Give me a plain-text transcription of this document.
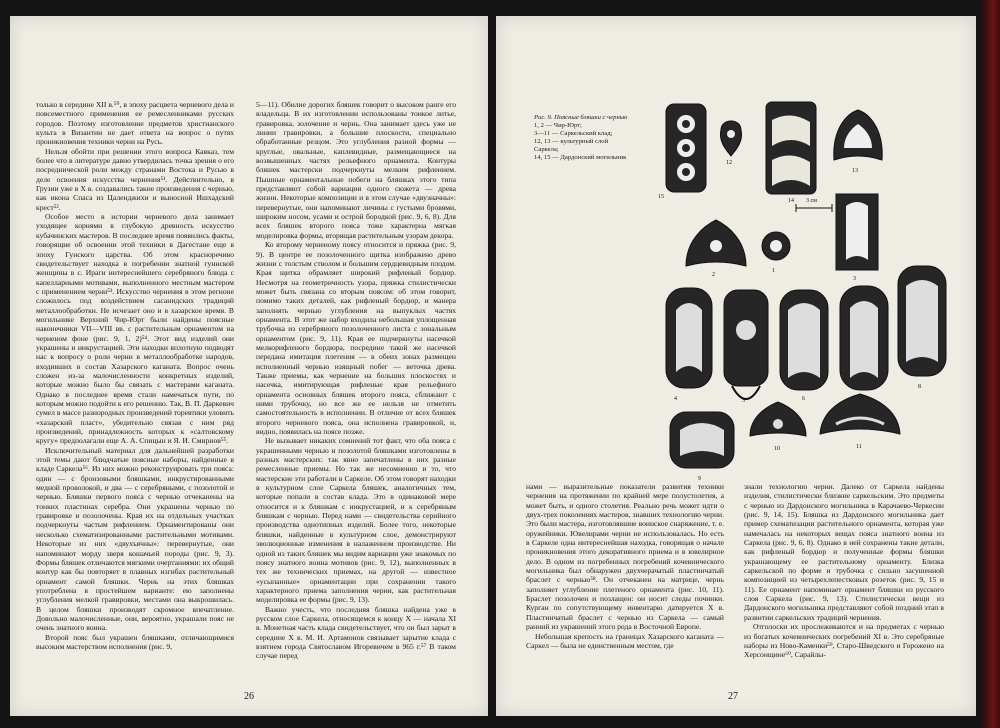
только в середине XII в.⁵⁰, в эпоху расцвета черневого дела и повсеместного применения ее ремесленниками русских городов. Поэтому изготовление предметов христианского культа в Византии не дает ответа на вопрос о путях проникновения техники черни на Русь.

Нельзя обойти при решении этого вопроса Кавказ, тем более что в литературе давно утвердилась точка зрения о его посреднической роли между странами Востока и Русью в деле освоения искусства чернения⁵¹. Действительно, в Грузии уже в X в. создавались такие произведения с чернью, как икона Спаса из Цаленджихи и выносной Ишхадский крест⁵².

Особое место в истории черневого дела занимает уходящее корнями в глубокую древность искусство кубачинских мастеров. В последнее время появились факты, говорящие об освоении этой техники в Дагестане еще в эпоху Гунского царства. Об этом красноречиво свидетельствует находка в погребении знатной гуннской женщины в с. Ираги интереснейшего серебряного блюда с капелларными мотивами, выполненного местным мастером с применением черни⁵³. Искусство чернения в этом регионе сложилось под воздействием сасанидских традиций металлообработки. Не исчезает оно и в хазарское время. В могильнике Верхний Чир-Юрт были найдены поясные наконечники VII—VIII вв. с растительным орнаментом на черненом фоне (рис. 9, 1, 2)⁵⁴. Этот вид изделий они украшены и инкрустацией. Эти находки вплотную подводят нас к вопросу о роли черни в металлообработке народов, входивших в состав Хазарского каганата. Вопрос очень сложен из-за малочисленности конкретных изделий, которые можно было бы связать с мастерами каганата. Однако в последнее время стали намечаться пути, по которым можно подойти к его решению. Так, В. П. Даркевич сумел в массе разнородных произведений торевтики уловить «хазарский пласт», убедительно связав с ним ряд произведений, принадлежность которых к «салтовскому кругу» предполагали еще А. А. Спицын и Я. И. Смирнов⁵⁵.

Исключительный материал для дальнейшей разработки этой темы дают блюдчатые поясные наборы, найденные в кладе Саркела⁵⁶. Из них можно реконструировать три пояса: один — с бронзовыми бляшками, инкрустированными медной проволокой, и два — с серебряными, с позолотой и чернью. Бляшки первого пояса с чернью отчеканены на тонких пластинах серебра. Они украшены чернью по гравировке и позолочены. Края их на отдельных участках подчеркнуты частым рифлением. Орнаментированы они несколько схематизированными растительными мотивами. Некоторые из них «двухъячны»: перевернутые, они напоминают морду зверя кошачьей породы (рис. 9, 3). Формы бляшек отличаются мягкими очертаниями: их общий контур как бы повторяет в плавных изгибах растительный орнамент самой бляшки. Чернь на этих бляшках употреблена в простейшем варианте: ею заполнены углубления мелкой гравировки, местами она выкрошилась. В целом бляшки производят скромное впечатление. Довольно малочисленные, они, вероятно, украшали пояс не очень знатного воина.

Второй пояс был украшен бляшками, отличающимися высоким мастерством исполнения (рис. 9,

5—11). Обилие дорогих бляшек говорит о высоком ранге его владельца. В их изготовлении использованы тонкое литье, гравировка, золочение и чернь. Она занимает здесь уже не линии гравировки, а большие плоскости, специально обработанные резцом. Это углубления разной формы — круглые, овальные, каплевидные, размещающиеся на возвышенных частях рельефного орнамента. Контуры бляшек мастерски подчеркнуты мелким рифлением. Пышные орнаментальные побеги на бляшках этого типа представляют собой вариации одного сюжета — древа жизни. Некоторые композиции и в этом случае «двузначны»: перевернутые, они напоминают личины с густыми бровями, широким носом, усами и острой бородкой (рис. 9, 6, 8). Для всех бляшек второго пояса тоже характерна мягкая моделировка формы, вторящая растительным узорам декора.

Ко второму черненому поясу относится и пряжка (рис. 9, 9). В центре ее позолоченного щитка изображено древо жизни с толстым стволом и большим сердцевидным плодом. Края щитка обрамляет широкий рифленый бордюр. Несмотря на геометричность узора, пряжка стилистически может быть связана со вторым поясом: об этом говорит, помимо таких деталей, как рифленый бордюр, и манера заполнять чернью углубления на выпуклых частях орнамента. В этот же набор входила небольшая уплощенная трубочка из серебряного позолоченного листа с зональным орнаментом (рис. 9, 11). Края ее подчеркнуты насечкой мелкорифленого бордюра, посредине такой же насечкой передана имитация плетения — в обеих зонах размещен исполненный чернью изящный побег — веточка древа. Также приемы, как чернение на больших плоскостях и насечка, имитирующая рифленые края рельефного орнамента основных бляшек второго пояса, сближают с ними трубочку, но все же ее нельзя не отметить самостоятельность в исполнении. В отличие от всех бляшек второго черневого пояса, она исполнена гравировкой, и, видно, появилась на поясе позже.

Не вызывает никаких сомнений тот факт, что оба пояса с украшенными чернью и позолотой бляшками изготовлены в разных мастерских: так явно запечатлены в них разные ремесленные приемы. Но так же несомненно и то, что мастерские эти работали в Саркеле. Об этом говорят находки в культурном слое Саркела бляшек, аналогичных тем, которые попали в состав клада. Это в одинаковой мере относится и к бляшкам с инкрустацией, и к серебряным бляшкам с чернью. Перед нами — свидетельства серийного производства однотипных изделий. Более того, некоторые бляшки, найденные в культурном слое, демонстрируют эволюционные изменения в налаженном производстве. Ни одной из таких бляшек мы видим вариации уже знакомых по поясу знатного воина мотивов (рис. 9, 12), выполненных в тех же технических приемах, на другой — известное «усыпанные» орнаментации при сохранении такого характерного приема заполнения черни, как растительная моделировка ее формы (рис. 9, 13).

Важно учесть, что последняя бляшка найдена уже в русском слое Саркела, относящемся к концу X — начала XI в. Монетная часть клада свидетельствует, что он был зарыт в середине X в. М. И. Артамонов связывает зарытие клада с взятием города Святославом Игоревичем в 965 г.⁵⁷ В таком случае перед

26
Рис. 9. Поясные бляшки с чернью
1, 2 — Чир-Юрт;
3—11 — Саркельский клад;
12, 13 — культурный слой Саркела;
14, 15 — Дардонский могильник
3 см
15
12
14
13
2
1
3
4	5	6	7
8
9
10	11

нами — выразительные показатели развития техники чернения на протяжении по крайней мере полустолетия, а может быть, и одного столетия. Реально речь может идти о двух-трех поколениях мастеров, знавших технологию черни. Это были мастера, изготовлявшие воинское снаряжение, т. е. оружейники. Ювелирами черни не использовалась. Но есть в Саркеле одна интереснейшая находка, говорящая о начале проникновения этого декоративного приема и в ювелирное дело. В одном из погребенных погребений кочевнического могильника был обнаружен двухчерачатый пластинчатый браслет с чернью⁵⁸. Он отчеканен на матрице, чернь заполняет углубление плетеного орнамента (рис. 10, 11). Браслет позолочен и позлащен: он носит следы починки. Курган по сопутствующему инвентарю датируется X в. Пластинчатый браслет с чернью из Саркела — самый ранний из украшений этого рода в Восточной Европе.

Небольшая крепость на границах Хазарского каганата — Саркел — была не единственным местом, где

знали технологию черни. Далеко от Саркела найдены изделия, стилистически близкие саркельским. Это предметы с чернью из Дардонского могильника в Карачаево-Черкесии (рис. 9, 14, 15). Бляшка из Дардонского могильника дает пример схематизации растительного орнамента, которая уже намечалась на некоторых вещах пояса знатного воина из Саркела (рис. 9, 6, 8). Однако в ней сохранены такие детали, как рифленый бордюр и полученные формы бляшки украшающему ее растительному орнаменту. Близка саркельской по форме и трубочка с сильно засушенной композицией из четырехлепестковых розеток (рис. 9, 15 и 11). Ее орнамент напоминает орнамент бляшки из русского слоя Саркела (рис. 9, 13). Стилистически вещи из Дардонского могильника представляют собой поздний этап в развитии саркельских традиций чернения.

Отголоски их прослеживаются и на предметах с чернью из богатых кочевнических погребений XI в. Это серебряные наборы из Ново-Каменки⁵⁹, Старо-Шведского и Горожено на Херсонщине⁶⁰, Сарайлы-

27
